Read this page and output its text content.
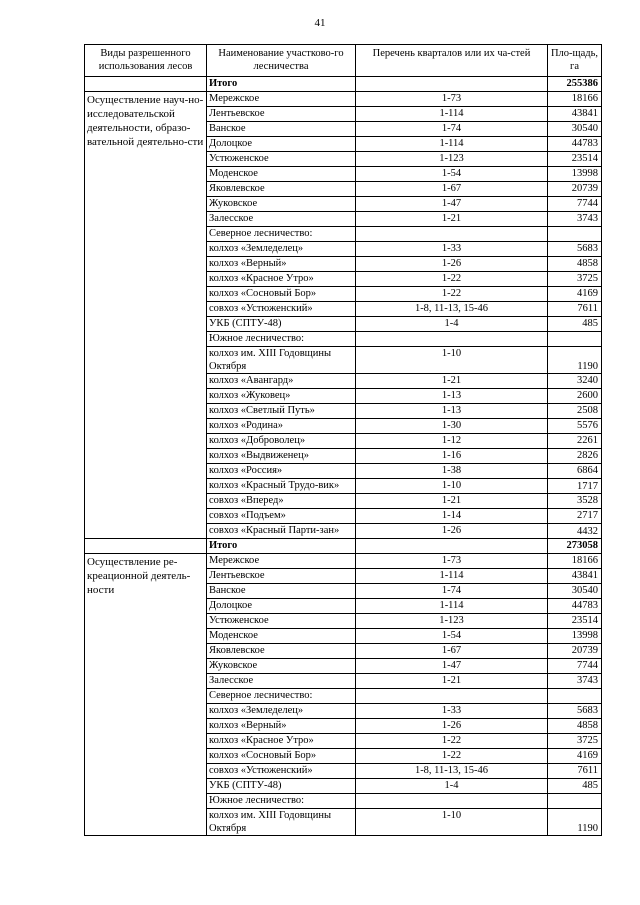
41
Виды разрешенного использования лесов	Наименование участково-го лесничества	Перечень кварталов или их ча-стей	Пло-щадь, га
	Итого		255386
Осуществление науч-но-исследовательской деятельности, образо-вательной деятельно-сти	Мережское	1-73	18166
	Лентьевское	1-114	43841
	Ванское	1-74	30540
	Долоцкое	1-114	44783
	Устюженское	1-123	23514
	Моденское	1-54	13998
	Яковлевское	1-67	20739
	Жуковское	1-47	7744
	Залесское	1-21	3743
	Северное лесничество:		
	колхоз «Земледелец»	1-33	5683
	колхоз «Верный»	1-26	4858
	колхоз «Красное Утро»	1-22	3725
	колхоз «Сосновый Бор»	1-22	4169
	совхоз «Устюженский»	1-8, 11-13, 15-46	7611
	УКБ (СПТУ-48)	1-4	485
	Южное лесничество:		
	колхоз им. XIII Годовщины Октября	1-10	1190
	колхоз «Авангард»	1-21	3240
	колхоз «Жуковец»	1-13	2600
	колхоз «Светлый Путь»	1-13	2508
	колхоз «Родина»	1-30	5576
	колхоз «Доброволец»	1-12	2261
	колхоз «Выдвиженец»	1-16	2826
	колхоз «Россия»	1-38	6864
	колхоз «Красный Трудо-вик»	1-10	1717
	совхоз «Вперед»	1-21	3528
	совхоз «Подъем»	1-14	2717
	совхоз «Красный Парти-зан»	1-26	4432
	Итого		273058
Осуществление ре-креационной деятель-ности	Мережское	1-73	18166
	Лентьевское	1-114	43841
	Ванское	1-74	30540
	Долоцкое	1-114	44783
	Устюженское	1-123	23514
	Моденское	1-54	13998
	Яковлевское	1-67	20739
	Жуковское	1-47	7744
	Залесское	1-21	3743
	Северное лесничество:		
	колхоз «Земледелец»	1-33	5683
	колхоз «Верный»	1-26	4858
	колхоз «Красное Утро»	1-22	3725
	колхоз «Сосновый Бор»	1-22	4169
	совхоз «Устюженский»	1-8, 11-13, 15-46	7611
	УКБ (СПТУ-48)	1-4	485
	Южное лесничество:		
	колхоз им. XIII Годовщины Октября	1-10	1190
